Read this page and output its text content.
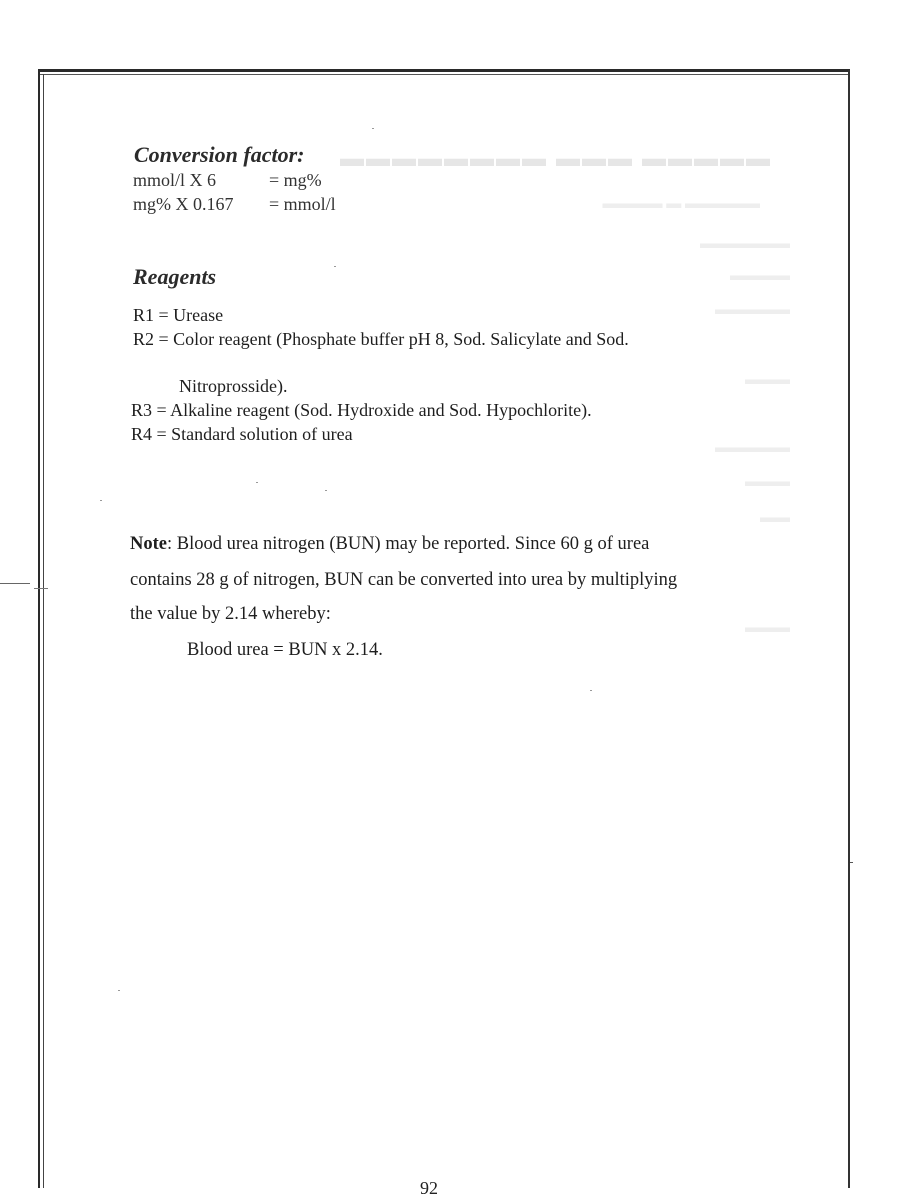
▬▬▬▬▬ ▬▬▬ ▬▬▬▬▬▬▬▬
▬▬▬▬▬ ▬ ▬▬▬▬
▬▬▬▬▬▬
▬▬▬▬
▬▬▬▬▬
▬▬▬
▬▬▬▬▬
▬▬▬
▬▬
▬▬▬
Conversion factor:
mmol/l X 6	= mg%
mg% X 0.167 = mmol/l
Reagents
R1 = Urease
R2 = Color reagent (Phosphate buffer pH 8, Sod. Salicylate and Sod.
Nitroprosside).
R3 = Alkaline reagent (Sod. Hydroxide and Sod. Hypochlorite).
R4 = Standard solution of urea
Note: Blood urea nitrogen (BUN) may be reported. Since 60 g of urea
contains 28 g of nitrogen, BUN can be converted into urea by multiplying
the value by 2.14 whereby:
Blood urea = BUN x 2.14.
92
